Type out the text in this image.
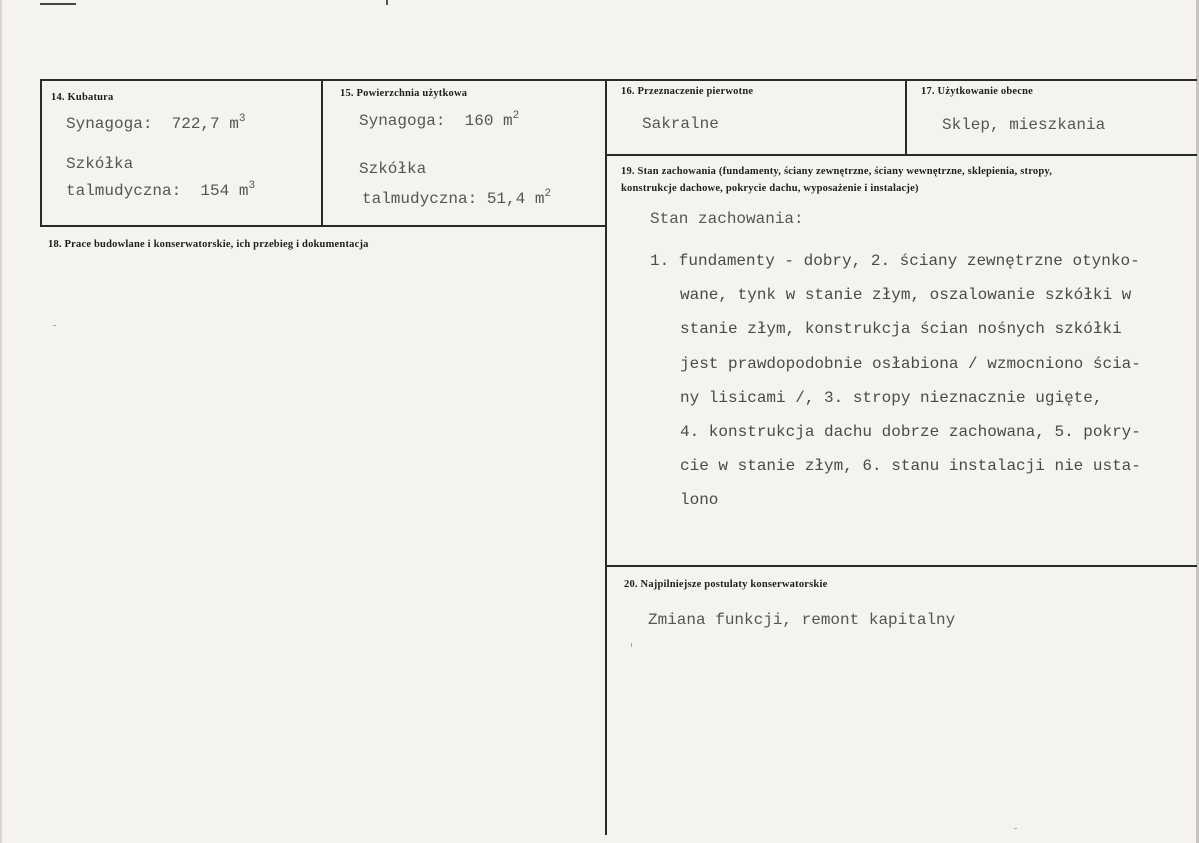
14. Kubatura
Synagoga: 722,7 $m^3$
Szkółka
talmudyczna: 154 $m^3$
15. Powierzchnia użytkowa
Synagoga: 160 $m^2$
Szkółka
talmudyczna: 51,4 $m^2$
16. Przeznaczenie pierwotne
Sakralne
17. Użytkowanie obecne
Sklep, mieszkania
18. Prace budowlane i konserwatorskie, ich przebieg i dokumentacja
19. Stan zachowania (fundamenty, ściany zewnętrzne, ściany wewnętrzne, sklepienia, stropy,
konstrukcje dachowe, pokrycie dachu, wyposażenie i instalacje)
Stan zachowania:

1. fundamenty - dobry, 2. ściany zewnętrzne otynko-

wane, tynk w stanie złym, oszalowanie szkółki w

stanie złym, konstrukcja ścian nośnych szkółki

jest prawdopodobnie osłabiona / wzmocniono ścia-

ny lisicami /, 3. stropy nieznacznie ugięte,

4. konstrukcja dachu dobrze zachowana, 5. pokry-

cie w stanie złym, 6. stanu instalacji nie usta-

lono

20. Najpilniejsze postulaty konserwatorskie
Zmiana funkcji, remont kapitalny
